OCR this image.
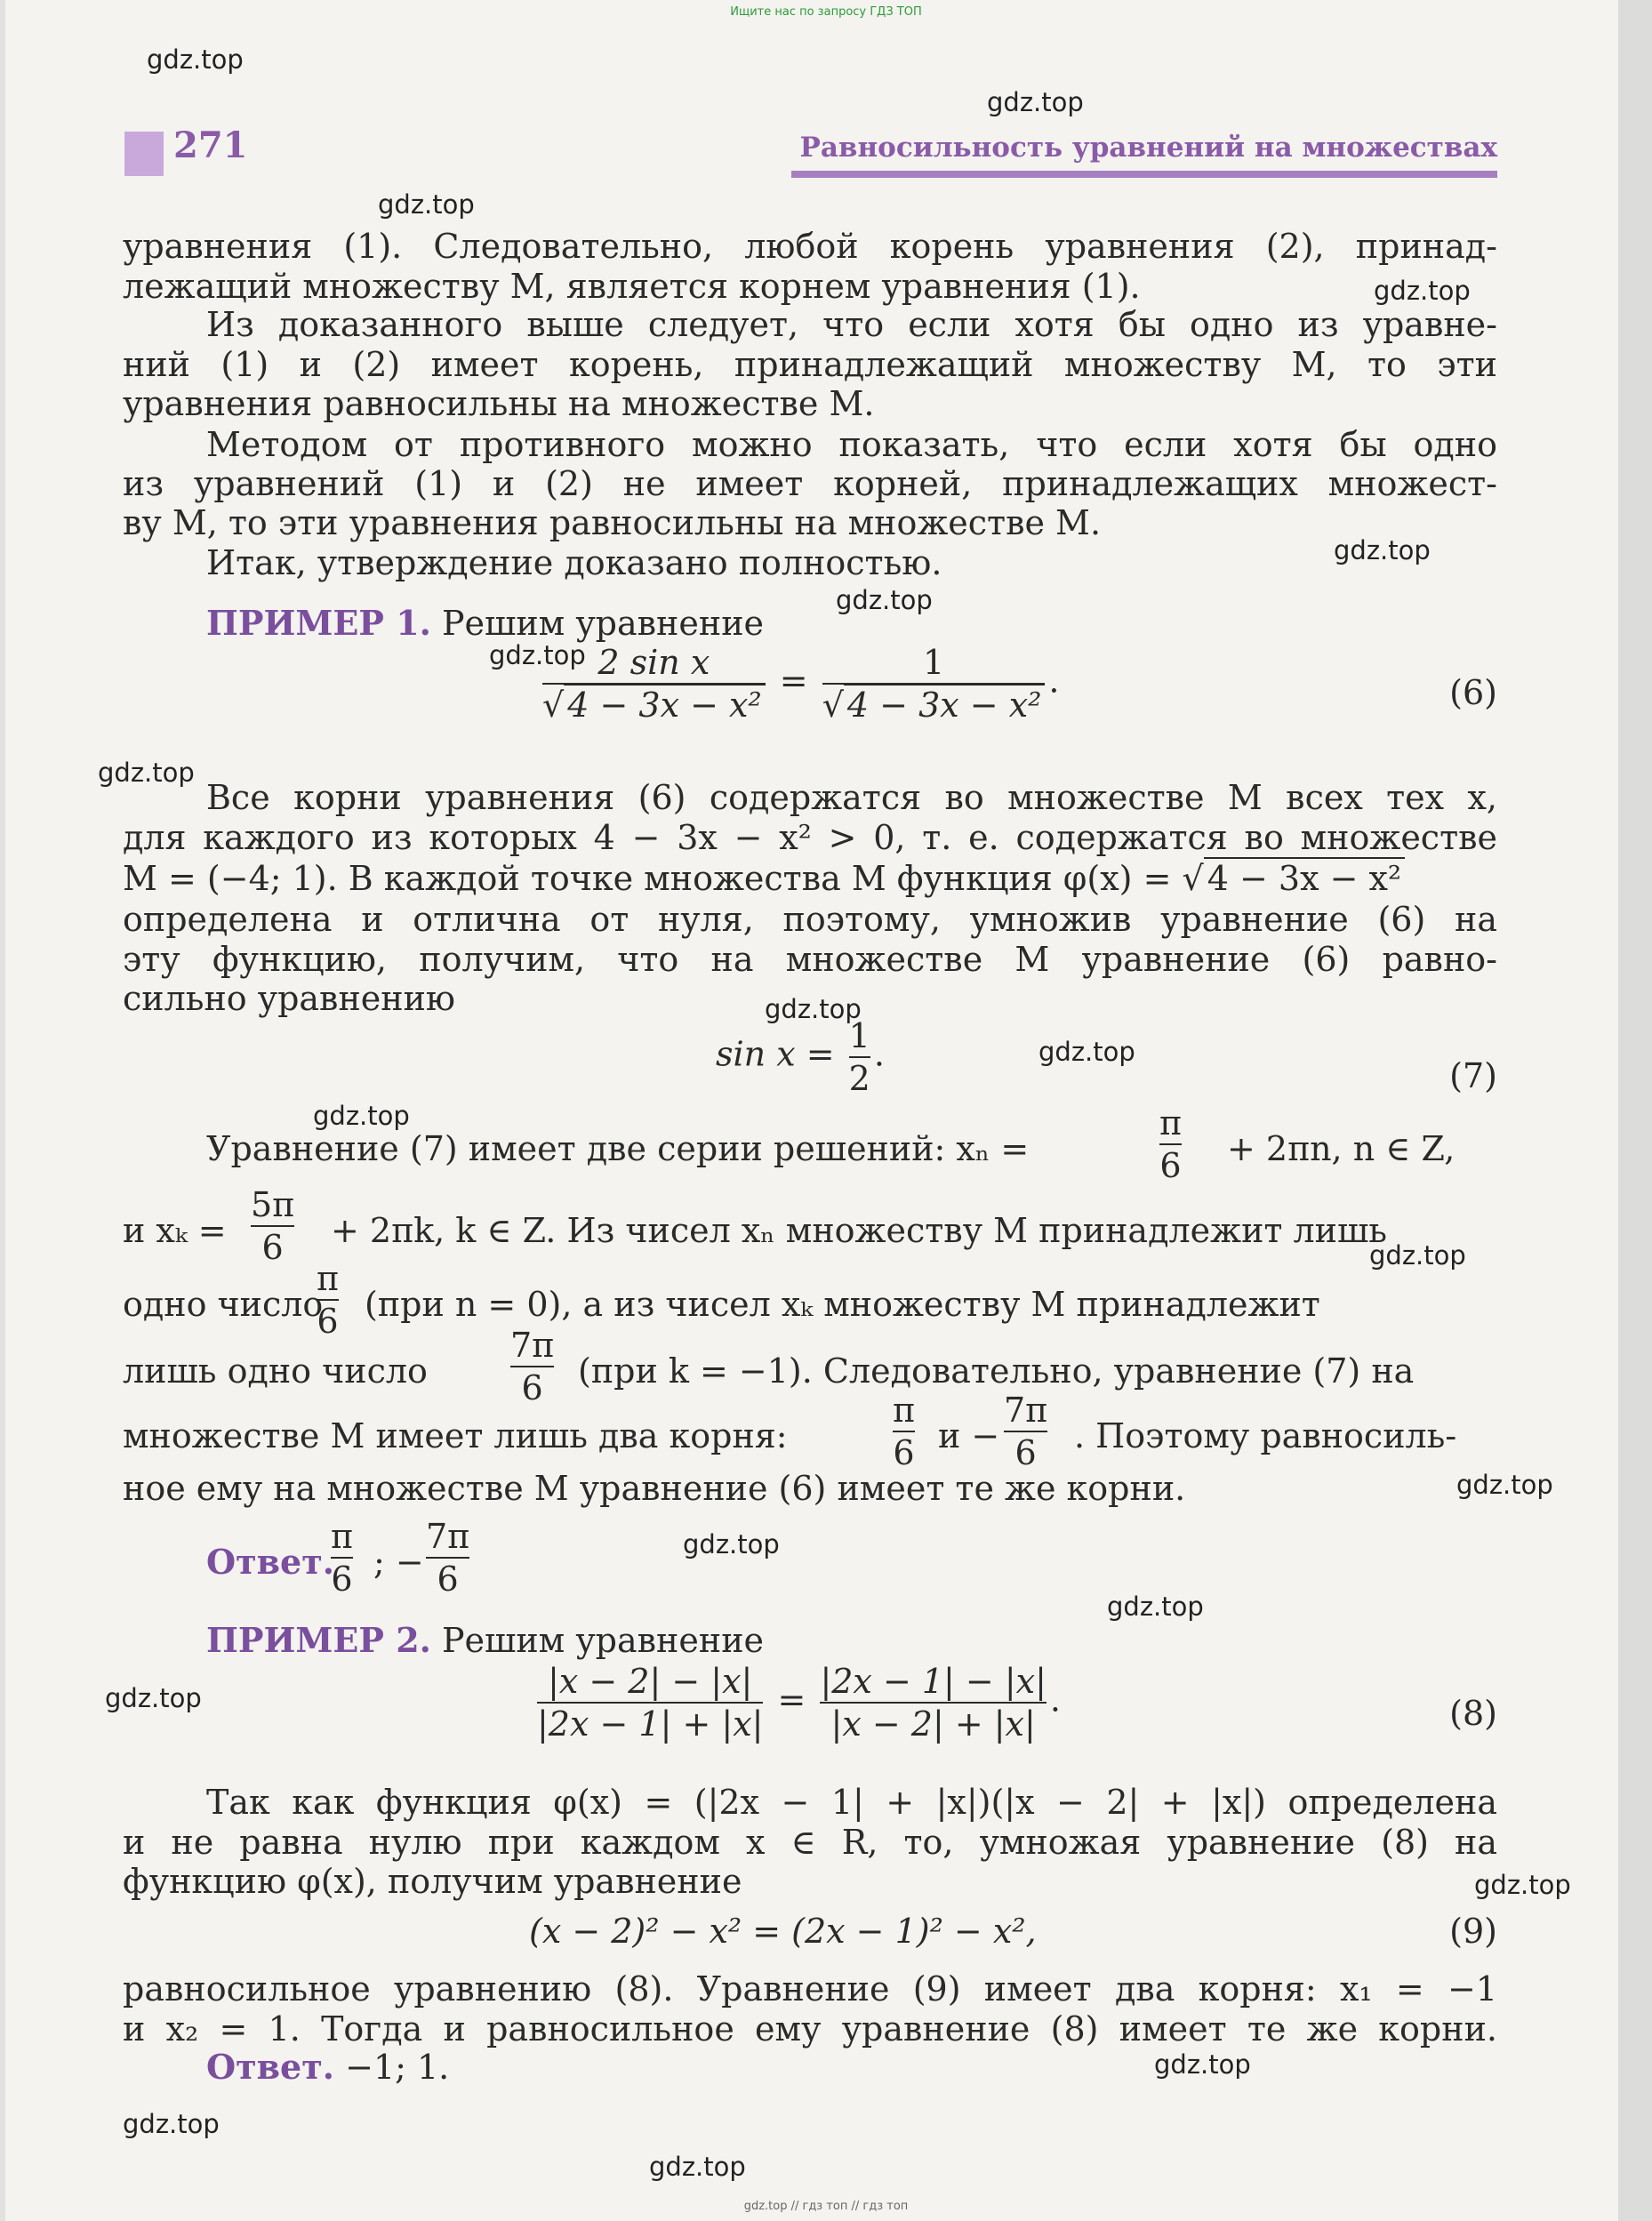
Ищите нас по запросу ГДЗ ТОП
gdz.top
gdz.top
gdz.top
gdz.top
gdz.top
gdz.top
gdz.top
gdz.top
gdz.top
gdz.top
gdz.top
gdz.top
gdz.top
gdz.top
gdz.top
gdz.top
gdz.top
gdz.top
gdz.top
gdz.top
271	Равносильность уравнений на множествах
уравнения (1). Следовательно, любой корень уравнения (2), принад-
лежащий множеству M, является корнем уравнения (1).
Из доказанного выше следует, что если хотя бы одно из уравне-
ний (1) и (2) имеет корень, принадлежащий множеству M, то эти
уравнения равносильны на множестве M.
Методом от противного можно показать, что если хотя бы одно
из уравнений (1) и (2) не имеет корней, принадлежащих множест-
ву M, то эти уравнения равносильны на множестве M.
Итак, утверждение доказано полностью.
ПРИМЕР 1. Решим уравнение
$\frac{\text{2 sin x}}{\text{√ 4 − 3x − x²}} = \frac{1}{\text{√ 4 − 3x − x²}}$ .	(6)
Все корни уравнения (6) содержатся во множестве M всех тех x,
для каждого из которых 4 − 3x − x² > 0, т. е. содержатся во множестве
M = (−4; 1). В каждой точке множества M функция φ(x) = √ 4 − 3x − x²
определена и отлична от нуля, поэтому, умножив уравнение (6) на
эту функцию, получим, что на множестве M уравнение (6) равно-
сильно уравнению
$\sin x = \frac{1}{2}$ .
(7)
Уравнение (7) имеет две серии решений: xₙ =	$\frac{\pi}{6} + 2\pi n$, n ∈ Z,
и $x_k = \frac{5\pi}{6} + 2\pi k$, k ∈ Z. Из чисел xₙ множеству M принадлежит лишь
одно число
$\frac{\pi}{6} (при$ n = 0), а из чисел xₖ множеству M принадлежит
лишь одно число $\frac{7\pi}{6} (при$ k = −1). Следовательно, уравнение (7) на
множестве M имеет лишь два корня:	$\frac{\pi}{6}$ $и - \frac{7\pi}{6}$ . Поэтому равносиль-
ное ему на множестве M уравнение (6) имеет те же корни.
Ответ.
$\frac{\pi}{6}$ ; − $\frac{7\pi}{6}$
ПРИМЕР 2. Решим уравнение
$\frac{|x - 2| - |x|}{|2x - 1| + |x|} = \frac{|2x - 1| - |x|}{|x - 2| + |x|}$ .	(8)
Так как функция φ(x) = (|2x − 1| + |x|)(|x − 2| + |x|) определена
и не равна нулю при каждом x ∈ R, то, умножая уравнение (8) на
функцию φ(x), получим уравнение
(x − 2)² − x² = (2x − 1)² − x²,	(9)
равносильное уравнению (8). Уравнение (9) имеет два корня: x₁ = −1
и x₂ = 1. Тогда и равносильное ему уравнение (8) имеет те же корни.
Ответ. −1; 1.
gdz.top // гдз топ // гдз топ
